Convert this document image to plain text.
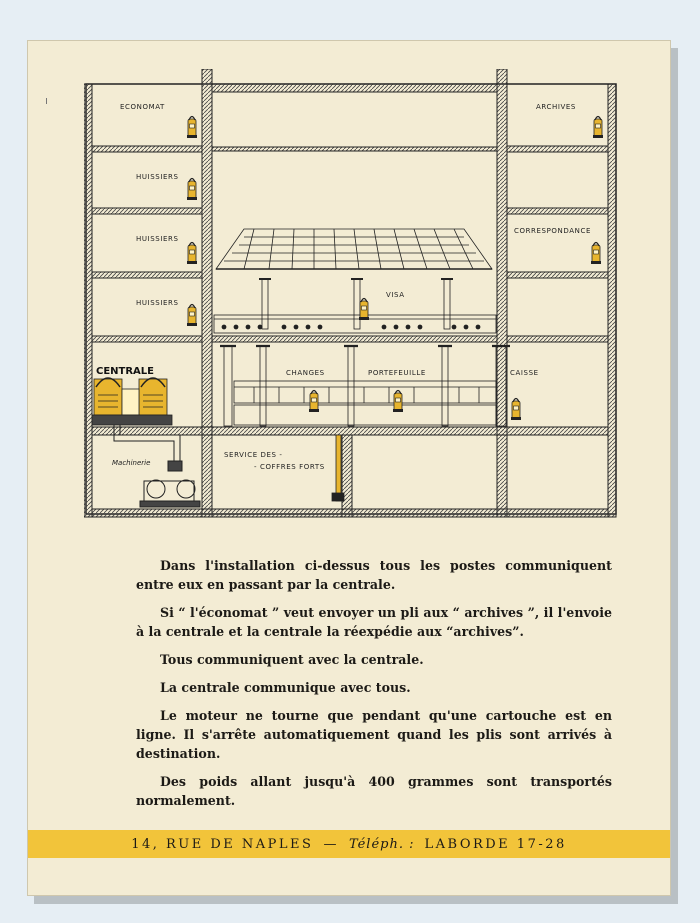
ECONOMAT	ARCHIVES
HUISSIERS
HUISSIERS
HUISSIERS
CORRESPONDANCE
VISA
CENTRALE	CHANGES	PORTEFEUILLE	CAISSE
Machinerie
SERVICE DES -
- COFFRES FORTS

Dans l'installation ci-dessus tous les postes communiquent entre eux en passant par la centrale.

Si “ l'économat ” veut envoyer un pli aux “ archives ”, il l'envoie à la centrale et la centrale la réexpédie aux “archives”.

Tous communiquent avec la centrale.

La centrale communique avec tous.

Le moteur ne tourne que pendant qu'une cartouche est en ligne. Il s'arrête automatiquement quand les plis sont arrivés à destination.

Des poids allant jusqu'à 400 grammes sont transportés normalement.

14, RUE DE NAPLES — Téléph. : LABORDE 17-28
